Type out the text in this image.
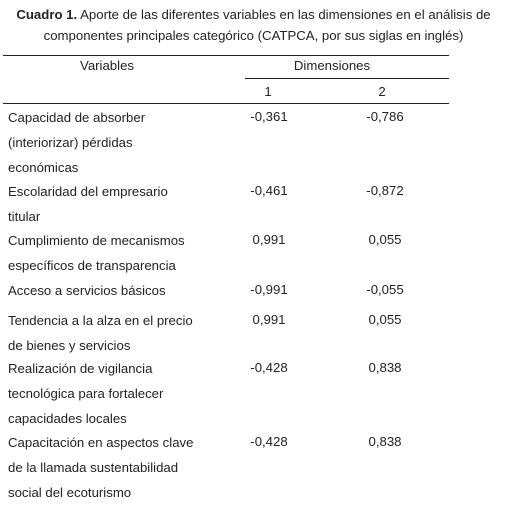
Cuadro 1. Aporte de las diferentes variables en las dimensiones en el análisis de
componentes principales categórico (CATPCA, por sus siglas en inglés)
Variables	Dimensiones
1	2
Capacidad de absorber
(interiorizar) pérdidas
económicas
-0,361	-0,786
Escolaridad del empresario
titular
-0,461	-0,872
Cumplimiento de mecanismos
específicos de transparencia
0,991	0,055
Acceso a servicios básicos	-0,991	-0,055
Tendencia a la alza en el precio
de bienes y servicios
0,991	0,055
Realización de vigilancia
tecnológica para fortalecer
capacidades locales
-0,428	0,838
Capacitación en aspectos clave
de la llamada sustentabilidad
social del ecoturismo
-0,428	0,838
